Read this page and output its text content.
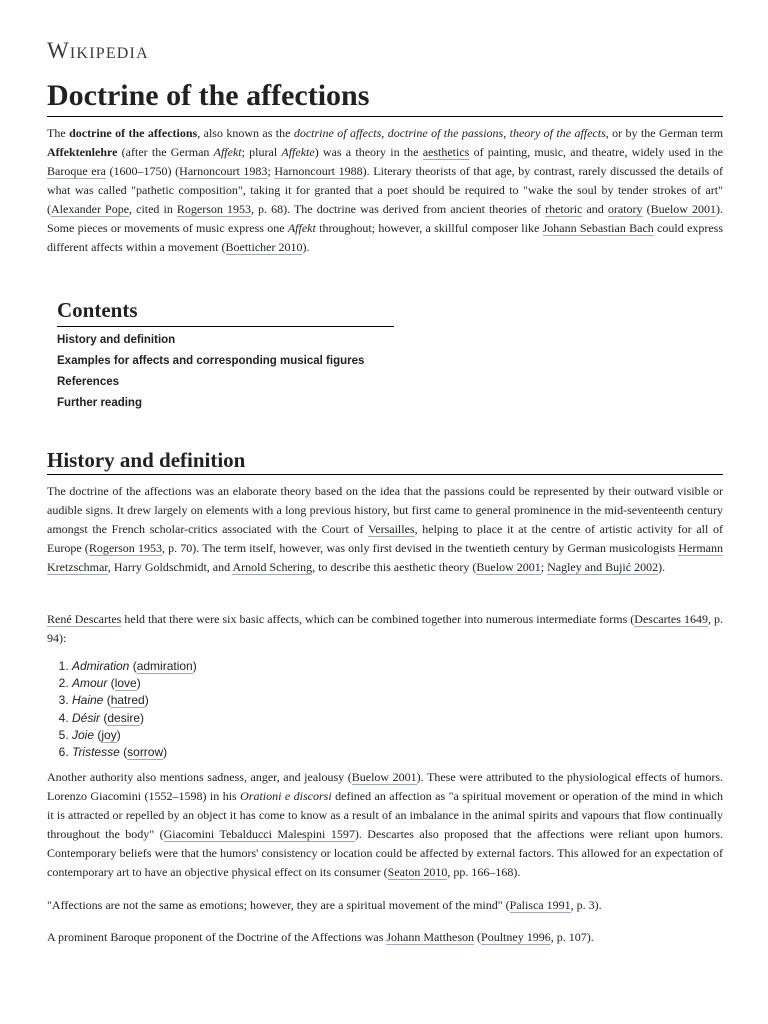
Wikipedia
Doctrine of the affections

The doctrine of the affections, also known as the doctrine of affects, doctrine of the passions, theory of the affects, or by the German term Affektenlehre (after the German Affekt; plural Affekte) was a theory in the aesthetics of painting, music, and theatre, widely used in the Baroque era (1600–1750) (Harnoncourt 1983; Harnoncourt 1988). Literary theorists of that age, by contrast, rarely discussed the details of what was called "pathetic composition", taking it for granted that a poet should be required to "wake the soul by tender strokes of art" (Alexander Pope, cited in Rogerson 1953, p. 68). The doctrine was derived from ancient theories of rhetoric and oratory (Buelow 2001). Some pieces or movements of music express one Affekt throughout; however, a skillful composer like Johann Sebastian Bach could express different affects within a movement (Boetticher 2010).

Contents
History and definition
Examples for affects and corresponding musical figures
References
Further reading
History and definition

The doctrine of the affections was an elaborate theory based on the idea that the passions could be represented by their outward visible or audible signs. It drew largely on elements with a long previous history, but first came to general prominence in the mid-seventeenth century amongst the French scholar-critics associated with the Court of Versailles, helping to place it at the centre of artistic activity for all of Europe (Rogerson 1953, p. 70). The term itself, however, was only first devised in the twentieth century by German musicologists Hermann Kretzschmar, Harry Goldschmidt, and Arnold Schering, to describe this aesthetic theory (Buelow 2001; Nagley and Bujić 2002).

René Descartes held that there were six basic affects, which can be combined together into numerous intermediate forms (Descartes 1649, p. 94):

1. Admiration (admiration)
2. Amour (love)
3. Haine (hatred)
4. Désir (desire)
5. Joie (joy)
6. Tristesse (sorrow)

Another authority also mentions sadness, anger, and jealousy (Buelow 2001). These were attributed to the physiological effects of humors. Lorenzo Giacomini (1552–1598) in his Orationi e discorsi defined an affection as "a spiritual movement or operation of the mind in which it is attracted or repelled by an object it has come to know as a result of an imbalance in the animal spirits and vapours that flow continually throughout the body" (Giacomini Tebalducci Malespini 1597). Descartes also proposed that the affections were reliant upon humors. Contemporary beliefs were that the humors' consistency or location could be affected by external factors. This allowed for an expectation of contemporary art to have an objective physical effect on its consumer (Seaton 2010, pp. 166–168).

"Affections are not the same as emotions; however, they are a spiritual movement of the mind" (Palisca 1991, p. 3).

A prominent Baroque proponent of the Doctrine of the Affections was Johann Mattheson (Poultney 1996, p. 107).
